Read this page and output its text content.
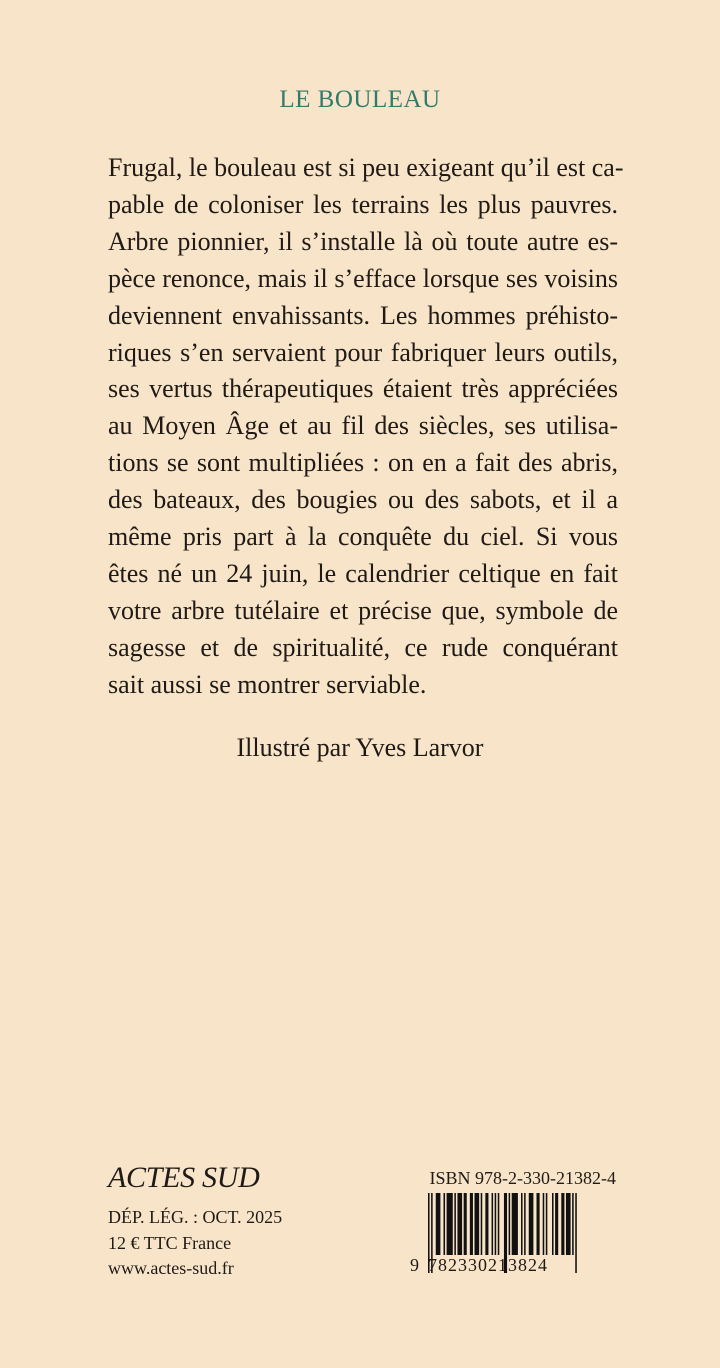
LE BOULEAU
Frugal, le bouleau est si peu exigeant qu’il est ca-
pable de coloniser les terrains les plus pauvres.
Arbre pionnier, il s’installe là où toute autre es-
pèce renonce, mais il s’efface lorsque ses voisins
deviennent envahissants. Les hommes préhisto-
riques s’en servaient pour fabriquer leurs outils,
ses vertus thérapeutiques étaient très appréciées
au Moyen Âge et au fil des siècles, ses utilisa-
tions se sont multipliées : on en a fait des abris,
des bateaux, des bougies ou des sabots, et il a
même pris part à la conquête du ciel. Si vous
êtes né un 24 juin, le calendrier celtique en fait
votre arbre tutélaire et précise que, symbole de
sagesse et de spiritualité, ce rude conquérant
sait aussi se montrer serviable.
Illustré par Yves Larvor
ACTES SUD
DÉP. LÉG. : OCT. 2025
12 € TTC France
www.actes-sud.fr
ISBN 978-2-330-21382-4
9 782330213824
